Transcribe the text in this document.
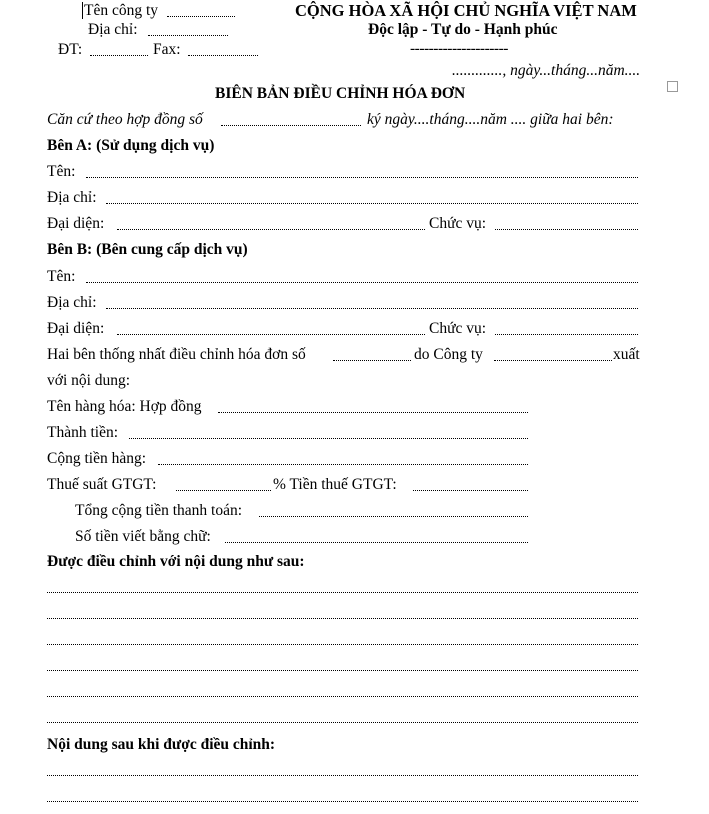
Tên công ty
Địa chỉ:
ĐT:	Fax:
CỘNG HÒA XÃ HỘI CHỦ NGHĨA VIỆT NAM
Độc lập - Tự do - Hạnh phúc
---------------------
............., ngày...tháng...năm....
BIÊN BẢN ĐIỀU CHỈNH HÓA ĐƠN
Căn cứ theo hợp đồng số	ký ngày....tháng....năm .... giữa hai bên:
Bên A: (Sử dụng dịch vụ)
Tên:
Địa chỉ:
Đại diện:	Chức vụ:
Bên B: (Bên cung cấp dịch vụ)
Tên:
Địa chỉ:
Đại diện:	Chức vụ:
Hai bên thống nhất điều chỉnh hóa đơn số	do Công ty	xuất
với nội dung:
Tên hàng hóa: Hợp đồng
Thành tiền:
Cộng tiền hàng:
Thuế suất GTGT:	% Tiền thuế GTGT:
Tổng cộng tiền thanh toán:
Số tiền viết bằng chữ:
Được điều chỉnh với nội dung như sau:
Nội dung sau khi được điều chỉnh:
